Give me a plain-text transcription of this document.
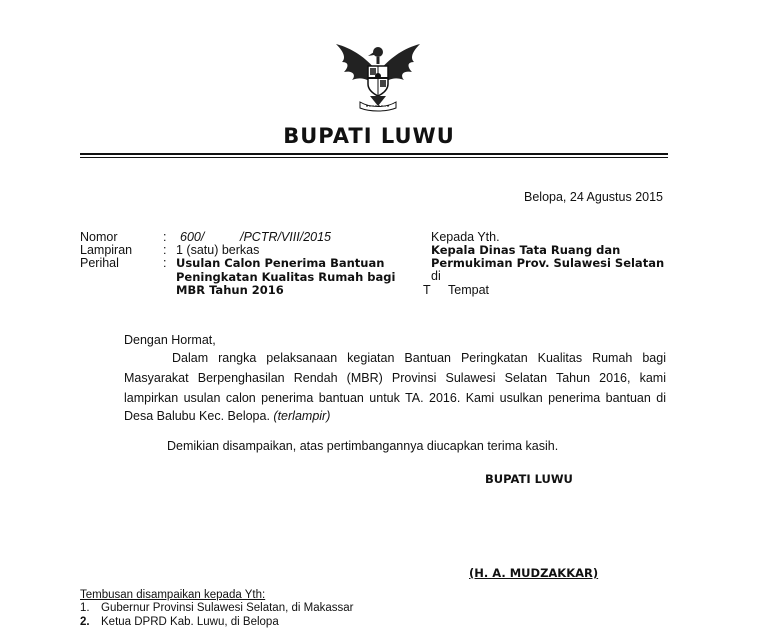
BUPATI LUWU
Belopa, 24 Agustus 2015
Nomor	: 600/	/PCTR/VIII/2015
Lampiran : 1 (satu) berkas
Perihal	: Usulan Calon Penerima Bantuan
Peningkatan Kualitas Rumah bagi
MBR Tahun 2016
Kepada Yth.
Kepala Dinas Tata Ruang dan
Permukiman Prov. Sulawesi Selatan
di
T Tempat
Dengan Hormat,
Dalam rangka pelaksanaan kegiatan Bantuan Peringkatan Kualitas Rumah bagi
Masyarakat Berpenghasilan Rendah (MBR) Provinsi Sulawesi Selatan Tahun 2016, kami
lampirkan usulan calon penerima bantuan untuk TA. 2016. Kami usulkan penerima bantuan di
Desa Balubu Kec. Belopa. (terlampir)
Demikian disampaikan, atas pertimbangannya diucapkan terima kasih.
BUPATI LUWU
(H. A. MUDZAKKAR)
Tembusan disampaikan kepada Yth:
1. Gubernur Provinsi Sulawesi Selatan, di Makassar
2. Ketua DPRD Kab. Luwu, di Belopa
